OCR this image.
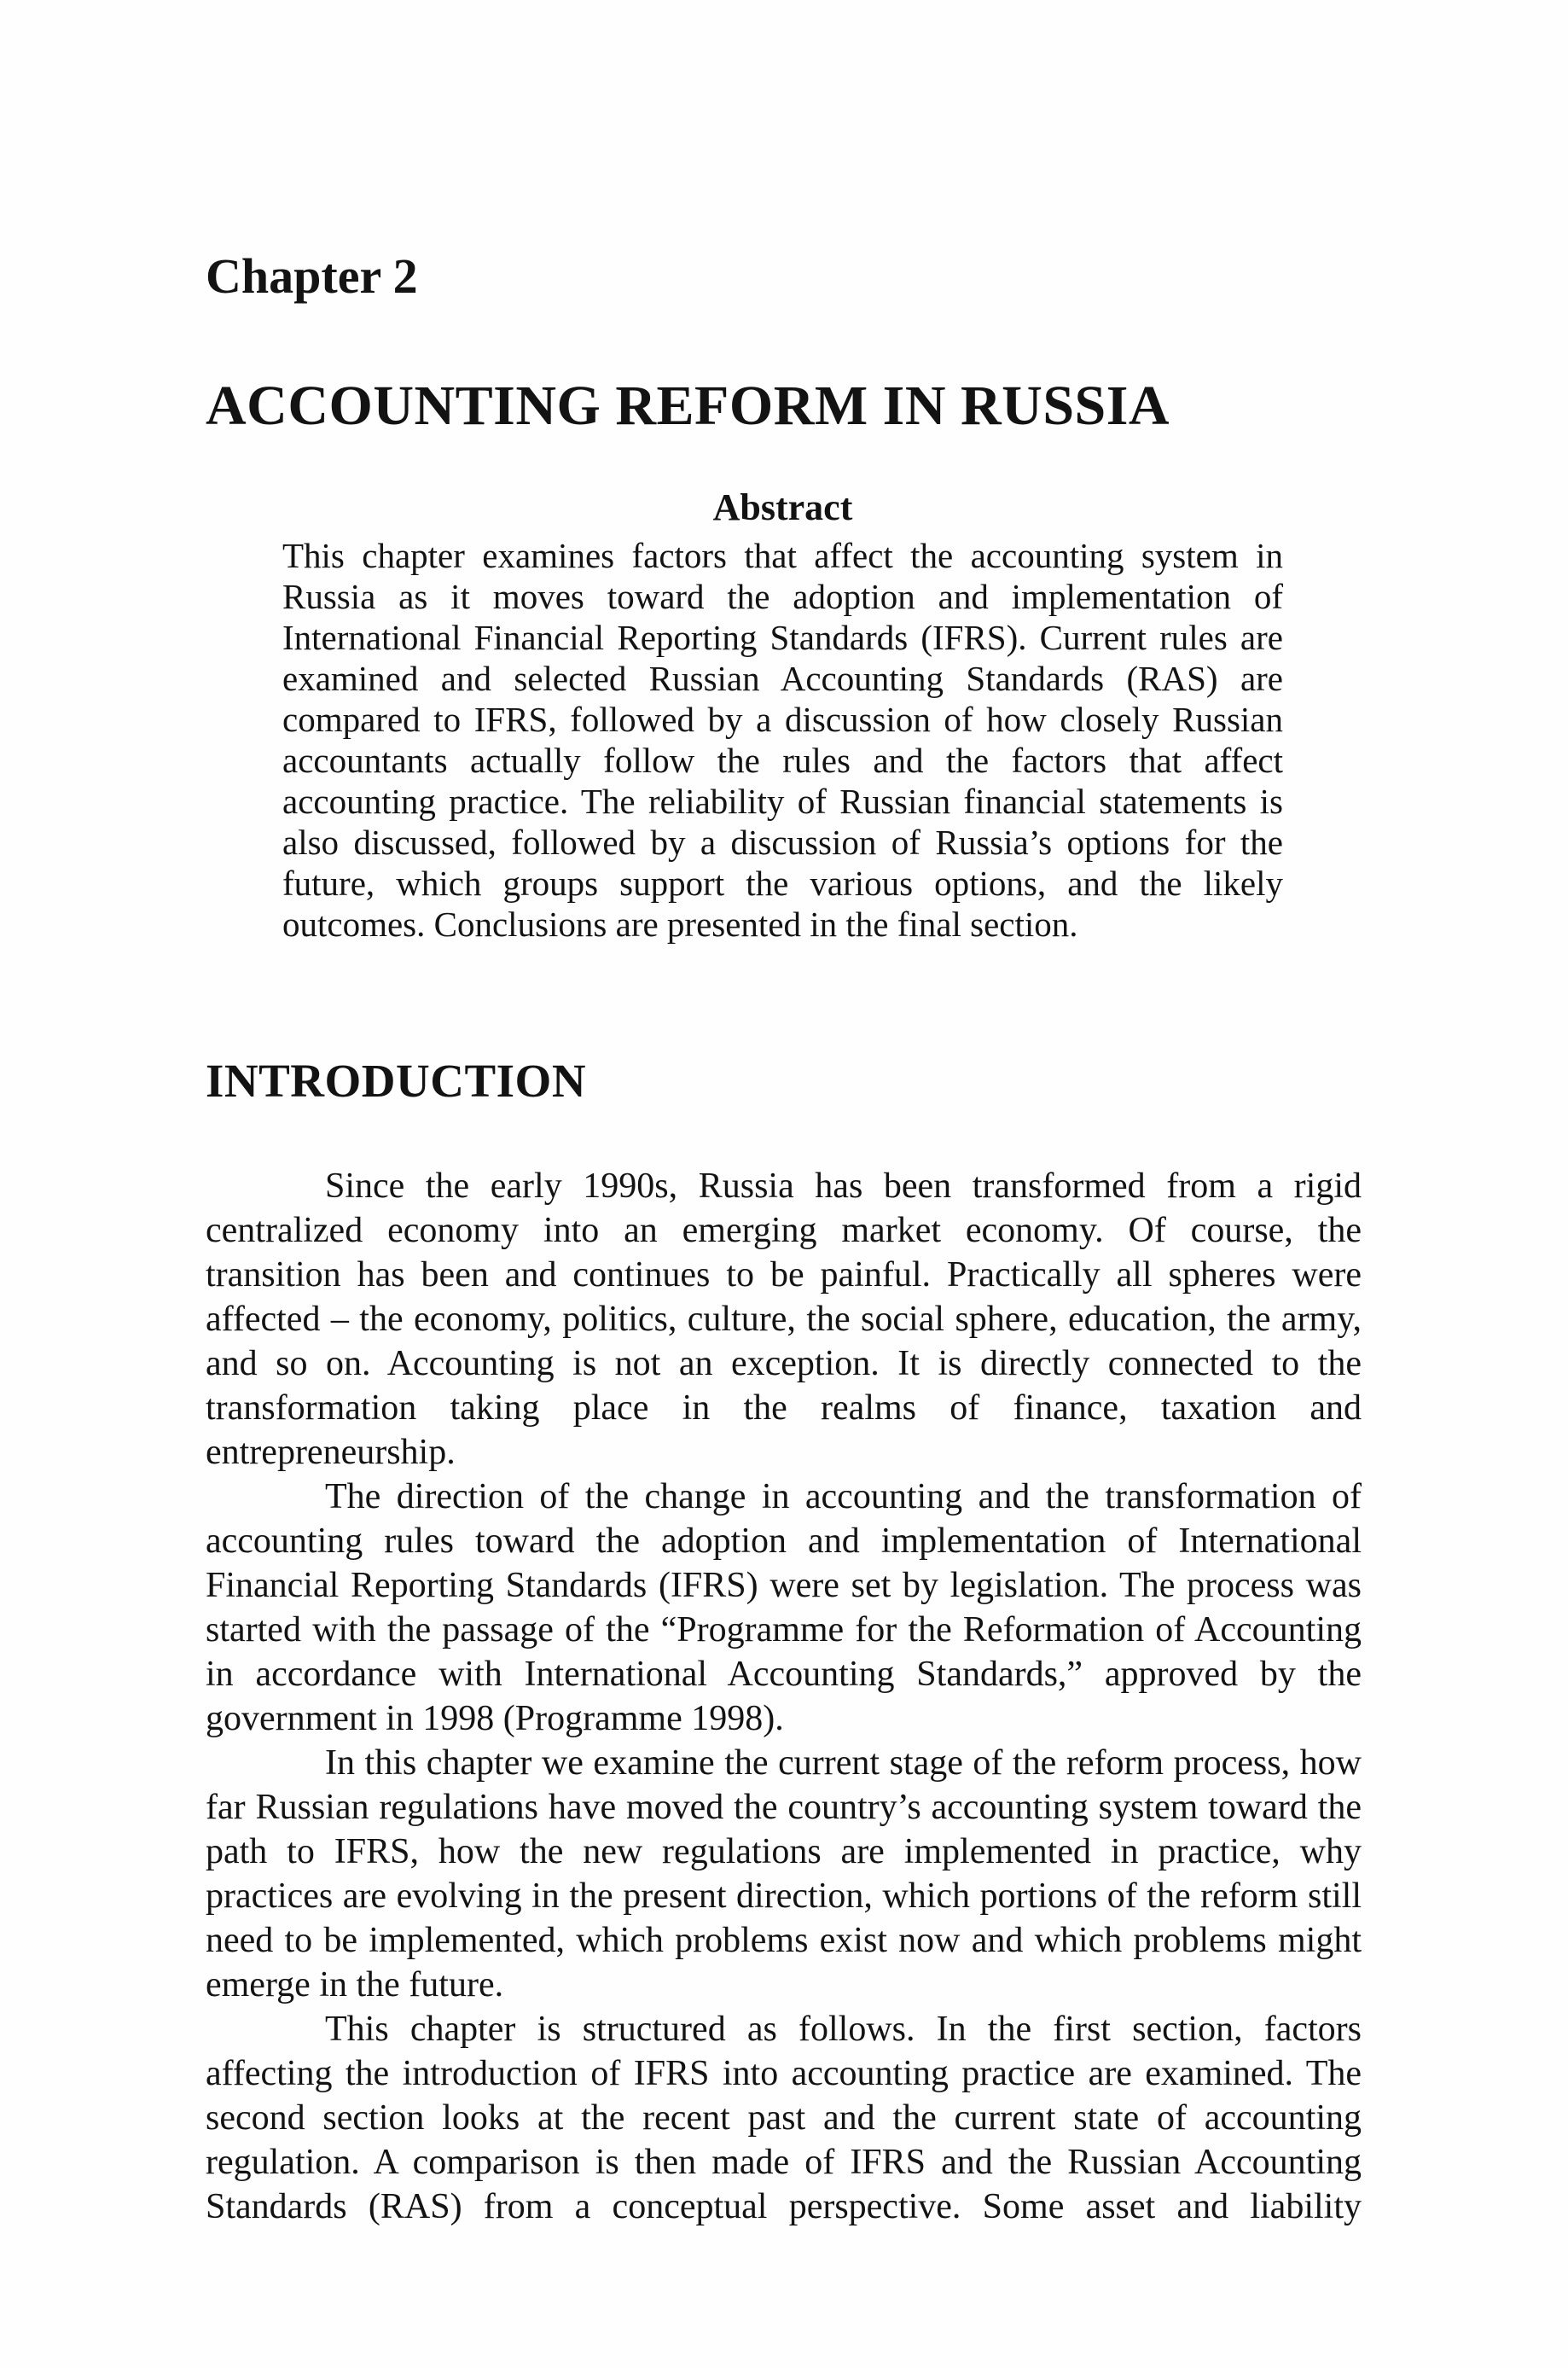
Chapter 2
ACCOUNTING REFORM IN RUSSIA
Abstract

This chapter examines factors that affect the accounting system in Russia as it moves toward the adoption and implementation of International Financial Reporting Standards (IFRS). Current rules are examined and selected Russian Accounting Standards (RAS) are compared to IFRS, followed by a discussion of how closely Russian accountants actually follow the rules and the factors that affect accounting practice. The reliability of Russian financial statements is also discussed, followed by a discussion of Russia’s options for the future, which groups support the various options, and the likely outcomes. Conclusions are presented in the final section.

INTRODUCTION

Since the early 1990s, Russia has been transformed from a rigid centralized economy into an emerging market economy. Of course, the transition has been and continues to be painful. Practically all spheres were affected – the economy, politics, culture, the social sphere, education, the army, and so on. Accounting is not an exception. It is directly connected to the transformation taking place in the realms of finance, taxation and entrepreneurship.

The direction of the change in accounting and the transformation of accounting rules toward the adoption and implementation of International Financial Reporting Standards (IFRS) were set by legislation. The process was started with the passage of the “Programme for the Reformation of Accounting in accordance with International Accounting Standards,” approved by the government in 1998 (Programme 1998).

In this chapter we examine the current stage of the reform process, how far Russian regulations have moved the country’s accounting system toward the path to IFRS, how the new regulations are implemented in practice, why practices are evolving in the present direction, which portions of the reform still need to be implemented, which problems exist now and which problems might emerge in the future.

This chapter is structured as follows. In the first section, factors affecting the introduction of IFRS into accounting practice are examined. The second section looks at the recent past and the current state of accounting regulation. A comparison is then made of IFRS and the Russian Accounting Standards (RAS) from a conceptual perspective. Some asset and liability
